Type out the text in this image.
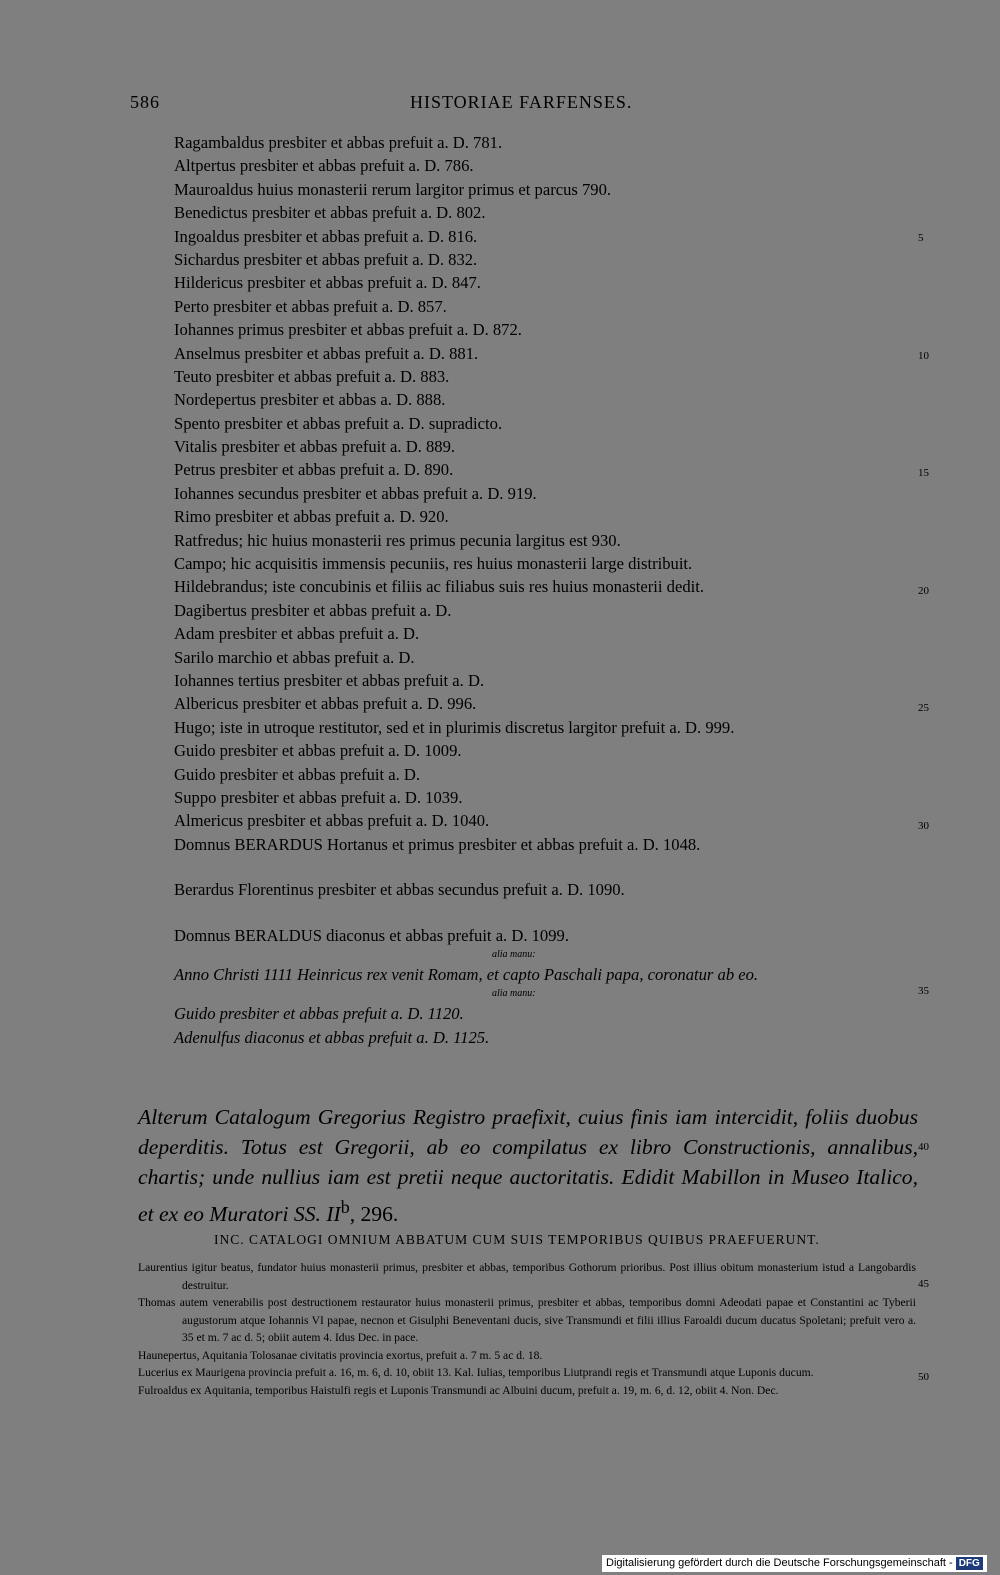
586	HISTORIAE FARFENSES.
Ragambaldus presbiter et abbas prefuit a. D. 781.
Altpertus presbiter et abbas prefuit a. D. 786.
Mauroaldus huius monasterii rerum largitor primus et parcus 790.
Benedictus presbiter et abbas prefuit a. D. 802.
Ingoaldus presbiter et abbas prefuit a. D. 816.
Sichardus presbiter et abbas prefuit a. D. 832.
Hildericus presbiter et abbas prefuit a. D. 847.
Perto presbiter et abbas prefuit a. D. 857.
Iohannes primus presbiter et abbas prefuit a. D. 872.
Anselmus presbiter et abbas prefuit a. D. 881.
Teuto presbiter et abbas prefuit a. D. 883.
Nordepertus presbiter et abbas a. D. 888.
Spento presbiter et abbas prefuit a. D. supradicto.
Vitalis presbiter et abbas prefuit a. D. 889.
Petrus presbiter et abbas prefuit a. D. 890.
Iohannes secundus presbiter et abbas prefuit a. D. 919.
Rimo presbiter et abbas prefuit a. D. 920.
Ratfredus; hic huius monasterii res primus pecunia largitus est 930.
Campo; hic acquisitis immensis pecuniis, res huius monasterii large distribuit.
Hildebrandus; iste concubinis et filiis ac filiabus suis res huius monasterii dedit.
Dagibertus presbiter et abbas prefuit a. D.
Adam presbiter et abbas prefuit a. D.
Sarilo marchio et abbas prefuit a. D.
Iohannes tertius presbiter et abbas prefuit a. D.
Albericus presbiter et abbas prefuit a. D. 996.
Hugo; iste in utroque restitutor, sed et in plurimis discretus largitor prefuit a. D. 999.
Guido presbiter et abbas prefuit a. D. 1009.
Guido presbiter et abbas prefuit a. D.
Suppo presbiter et abbas prefuit a. D. 1039.
Almericus presbiter et abbas prefuit a. D. 1040.
Domnus BERARDUS Hortanus et primus presbiter et abbas prefuit a. D. 1048.
Berardus Florentinus presbiter et abbas secundus prefuit a. D. 1090.
Domnus BERALDUS diaconus et abbas prefuit a. D. 1099.
alia manu:
Anno Christi 1111 Heinricus rex venit Romam, et capto Paschali papa, coronatur ab eo.
alia manu:
Guido presbiter et abbas prefuit a. D. 1120.
Adenulfus diaconus et abbas prefuit a. D. 1125.
5
10
15
20
25
30
35
40
45
50
Alterum Catalogum Gregorius Registro praefixit, cuius finis iam intercidit, foliis duobus deperditis. Totus est Gregorii, ab eo compilatus ex libro Constructionis, annalibus, chartis; unde nullius iam est pretii neque auctoritatis. Edidit Mabillon in Museo Italico, et ex eo Muratori SS. $II^b$, 296.
INC. CATALOGI OMNIUM ABBATUM CUM SUIS TEMPORIBUS QUIBUS PRAEFUERUNT.

Laurentius igitur beatus, fundator huius monasterii primus, presbiter et abbas, temporibus Gothorum prioribus. Post illius obitum monasterium istud a Langobardis destruitur.

Thomas autem venerabilis post destructionem restaurator huius monasterii primus, presbiter et abbas, temporibus domni Adeodati papae et Constantini ac Tyberii augustorum atque Iohannis VI papae, necnon et Gisulphi Beneventani ducis, sive Transmundi et filii illius Faroaldi ducum ducatus Spoletani; prefuit vero a. 35 et m. 7 ac d. 5; obiit autem 4. Idus Dec. in pace.

Haunepertus, Aquitania Tolosanae civitatis provincia exortus, prefuit a. 7 m. 5 ac d. 18.

Lucerius ex Maurigena provincia prefuit a. 16, m. 6, d. 10, obiit 13. Kal. Iulias, temporibus Liutprandi regis et Transmundi atque Luponis ducum.

Fulroaldus ex Aquitania, temporibus Haistulfi regis et Luponis Transmundi ac Albuini ducum, prefuit a. 19, m. 6, d. 12, obiit 4. Non. Dec.

Digitalisierung gefördert durch die Deutsche Forschungsgemeinschaft - DFG
